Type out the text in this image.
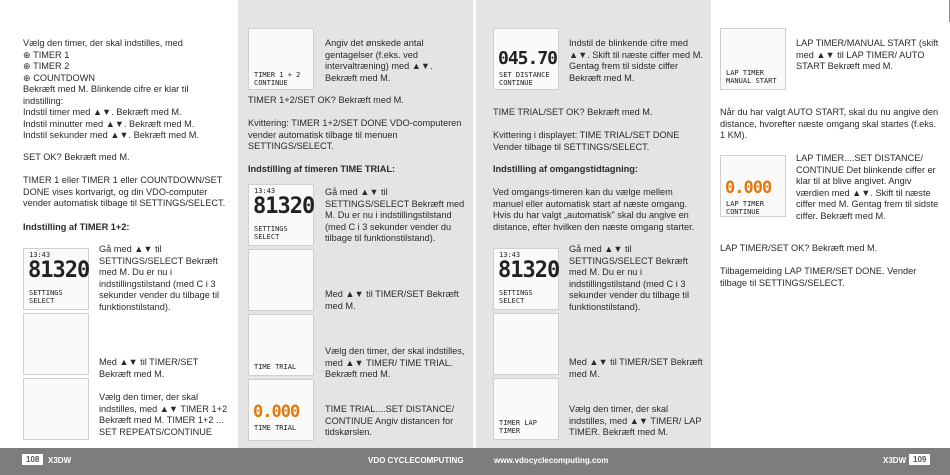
Vælg den timer, der skal indstilles, med
⊕ TIMER 1
⊕ TIMER 2
⊕ COUNTDOWN
Bekræft med M. Blinkende cifre er klar til
indstilling:
Indstil timer med ▲▼. Bekræft med M.
Indstil minutter med ▲▼. Bekræft med M.
Indstil sekunder med ▲▼. Bekræft med M.
SET OK? Bekræft med M.
TIMER 1 eller TIMER 1 eller COUNTDOWN/SET DONE vises kortvarigt, og din VDO-computer vender automatisk tilbage til SETTINGS/SELECT.
Indstilling af TIMER 1+2:
13:43
81320
SETTINGS SELECT
Gå med ▲▼ til SETTINGS/SELECT Bekræft med M. Du er nu i indstillingstilstand (med C i 3 sekunder vender du tilbage til funktionstilstand).
Med ▲▼ til TIMER/SET Bekræft med M.
Vælg den timer, der skal indstilles, med ▲▼ TIMER 1+2 Bekræft med M. TIMER 1+2 ... SET REPEATS/CONTINUE
TIMER 1 + 2 CONTINUE
Angiv det ønskede antal gentagelser (f.eks. ved intervaltræning) med ▲▼. Bekræft med M.
TIMER 1+2/SET OK? Bekræft med M.
Kvittering: TIMER 1+2/SET DONE VDO-computeren vender automatisk tilbage til menuen SETTINGS/SELECT.
Indstilling af timeren TIME TRIAL:
13:43
81320
SETTINGS SELECT
Gå med ▲▼ til SETTINGS/SELECT Bekræft med M. Du er nu i indstillingstilstand (med C i 3 sekunder vender du tilbage til funktionstilstand).
Med ▲▼ til TIMER/SET Bekræft med M.
TIME TRIAL
Vælg den timer, der skal indstilles, med ▲▼ TIMER/ TIME TRIAL. Bekræft med M.
0.000
TIME TRIAL
TIME TRIAL....SET DISTANCE/ CONTINUE Angiv distancen for tidskørslen.
045.70
SET DISTANCE CONTINUE
Indstil de blinkende cifre med ▲▼. Skift til næste ciffer med M. Gentag frem til sidste ciffer Bekræft med M.
TIME TRIAL/SET OK? Bekræft med M.
Kvittering i displayet: TIME TRIAL/SET DONE Vender tilbage til SETTINGS/SELECT.
Indstilling af omgangstidtagning:
Ved omgangs-timeren kan du vælge mellem manuel eller automatisk start af næste omgang. Hvis du har valgt „automatisk" skal du angive en distance, efter hvilken den næste omgang starter.
13:43
81320
SETTINGS SELECT
Gå med ▲▼ til SETTINGS/SELECT Bekræft med M. Du er nu i indstillingstilstand (med C i 3 sekunder vender du tilbage til funktionstilstand).
Med ▲▼ til TIMER/SET Bekræft med M.
TIMER LAP TIMER
Vælg den timer, der skal indstilles, med ▲▼ TIMER/ LAP TIMER. Bekræft med M.
LAP TIMER MANUAL START
LAP TIMER/MANUAL START (skift med ▲▼ til LAP TIMER/ AUTO START Bekræft med M.
Når du har valgt AUTO START, skal du nu angive den distance, hvorefter næste omgang skal startes (f.eks. 1 KM).
0.000
LAP TIMER CONTINUE
LAP TIMER....SET DISTANCE/ CONTINUE Det blinkende ciffer er klar til at blive angivet. Angiv værdien med ▲▼. Skift til næste ciffer med M. Gentag frem til sidste ciffer. Bekræft med M.
LAP TIMER/SET OK? Bekræft med M.
Tilbagemelding LAP TIMER/SET DONE. Vender tilbage til SETTINGS/SELECT.
108	X3DW	VDO CYCLECOMPUTING	www.vdocyclecomputing.com	X3DW 109
